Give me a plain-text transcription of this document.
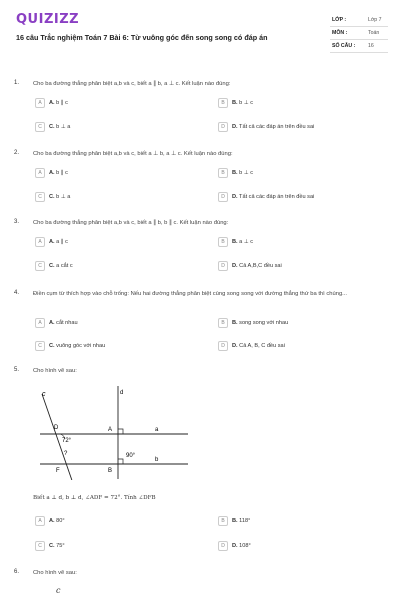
QUIZIZZ
16 câu Trắc nghiệm Toán 7 Bài 6: Từ vuông góc đến song song có đáp án
LỚP :	Lớp 7
MÔN :	Toán
SỐ CÂU : 16
1. Cho ba đường thẳng phân biệt a,b và c, biết a ∥ b, a ⊥ c. Kết luận nào đúng:
A	A. b ∥ c	B	B. b ⊥ c
C	C. b ⊥ a	D	D. Tất cả các đáp án trên đều sai
2. Cho ba đường thẳng phân biệt a,b và c, biết a ⊥ b, a ⊥ c. Kết luận nào đúng:
A	A. b ∥ c	B	B. b ⊥ c
C	C. b ⊥ a	D	D. Tất cả các đáp án trên đều sai
3. Cho ba đường thẳng phân biệt a,b và c, biết a ∥ b, b ∥ c. Kết luận nào đúng:
A	A. a ∥ c	B	B. a ⊥ c
C	C. a cắt c	D	D. Cả A,B,C đều sai
4. Điền cụm từ thích hợp vào chỗ trống: Nếu hai đường thẳng phân biệt cùng song song với đường thẳng thứ ba thì chúng...
A	A. cắt nhau	B	B. song song với nhau
C	C. vuông góc với nhau	D	D. Cả A, B, C đều sai
5. Cho hình vẽ sau:
c	d
a
b
D	A
F	B
72°
?	90°
Biết a ⊥ d, b ⊥ d, ∠ADF = 72°. Tính ∠DFB
A	A. 80°	B	B. 118°
C	C. 75°	D	D. 108°
6. Cho hình vẽ sau:
c
